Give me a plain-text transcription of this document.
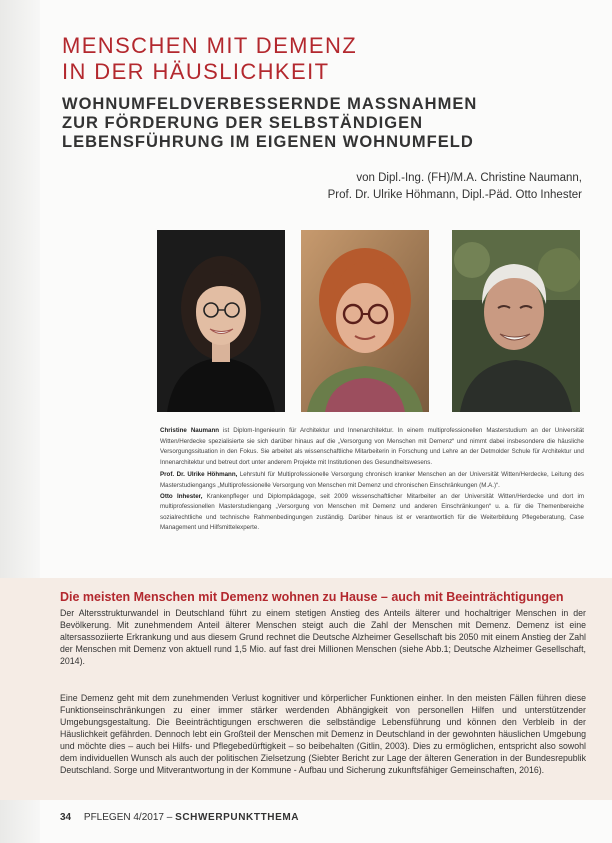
MENSCHEN MIT DEMENZ
IN DER HÄUSLICHKEIT
WOHNUMFELDVERBESSERNDE MASSNAHMEN
ZUR FÖRDERUNG DER SELBSTÄNDIGEN
LEBENSFÜHRUNG IM EIGENEN WOHNUMFELD
von Dipl.-Ing. (FH)/M.A. Christine Naumann,
Prof. Dr. Ulrike Höhmann, Dipl.-Päd. Otto Inhester

Christine Naumann ist Diplom-Ingenieurin für Architektur und Innenarchitektur. In einem multiprofessionellen Masterstudium an der Universität Witten/Herdecke spezialisierte sie sich darüber hinaus auf die „Versorgung von Menschen mit Demenz“ und nimmt dabei insbesondere die häusliche Versorgungssituation in den Fokus. Sie arbeitet als wissenschaftliche Mitarbeiterin in Forschung und Lehre an der Detmolder Schule für Architektur und Innenarchitektur und betreut dort unter anderem Projekte mit Institutionen des Gesundheitswesens.

Prof. Dr. Ulrike Höhmann, Lehrstuhl für Multiprofessionelle Versorgung chronisch kranker Menschen an der Universität Witten/Herdecke, Leitung des Masterstudiengangs „Multiprofessionelle Versorgung von Menschen mit Demenz und chronischen Einschränkungen (M.A.)“.

Otto Inhester, Krankenpfleger und Diplompädagoge, seit 2009 wissenschaftlicher Mitarbeiter an der Universität Witten/Herdecke und dort im multiprofessionellen Masterstudiengang „Versorgung von Menschen mit Demenz und anderen Einschränkungen“ u. a. für die Themenbereiche sozialrechtliche und technische Rahmenbedingungen zuständig. Darüber hinaus ist er verantwortlich für die Weiterbildung Pflegeberatung, Case Management und Hilfsmittelexperte.

Die meisten Menschen mit Demenz wohnen zu Hause – auch mit Beeinträchtigungen

Der Altersstrukturwandel in Deutschland führt zu einem stetigen Anstieg des Anteils älterer und hochaltriger Menschen in der Bevölkerung. Mit zunehmendem Anteil älterer Menschen steigt auch die Zahl der Menschen mit Demenz. Demenz ist eine altersassoziierte Erkrankung und aus diesem Grund rechnet die Deutsche Alzheimer Gesellschaft bis 2050 mit einem Anstieg der Zahl der Menschen mit Demenz von aktuell rund 1,5 Mio. auf fast drei Millionen Menschen (siehe Abb.1; Deutsche Alzheimer Gesellschaft, 2014).

Eine Demenz geht mit dem zunehmenden Verlust kognitiver und körperlicher Funktionen einher. In den meisten Fällen führen diese Funktionseinschränkungen zu einer immer stärker werdenden Abhängigkeit von personellen Hilfen und unterstützender Umgebungsgestaltung. Die Beeinträchtigungen erschweren die selbständige Lebensführung und können den Verbleib in der Häuslichkeit gefährden. Dennoch lebt ein Großteil der Menschen mit Demenz in Deutschland in der gewohnten häuslichen Umgebung und möchte dies – auch bei Hilfs- und Pflegebedürftigkeit – so beibehalten (Gitlin, 2003). Dies zu ermöglichen, entspricht also sowohl dem individuellen Wunsch als auch der politischen Zielsetzung (Siebter Bericht zur Lage der älteren Generation in der Bundesrepublik Deutschland. Sorge und Mitverantwortung in der Kommune - Aufbau und Sicherung zukunftsfähiger Gemeinschaften, 2016).

34 PFLEGEN 4/2017 – SCHWERPUNKTTHEMA
